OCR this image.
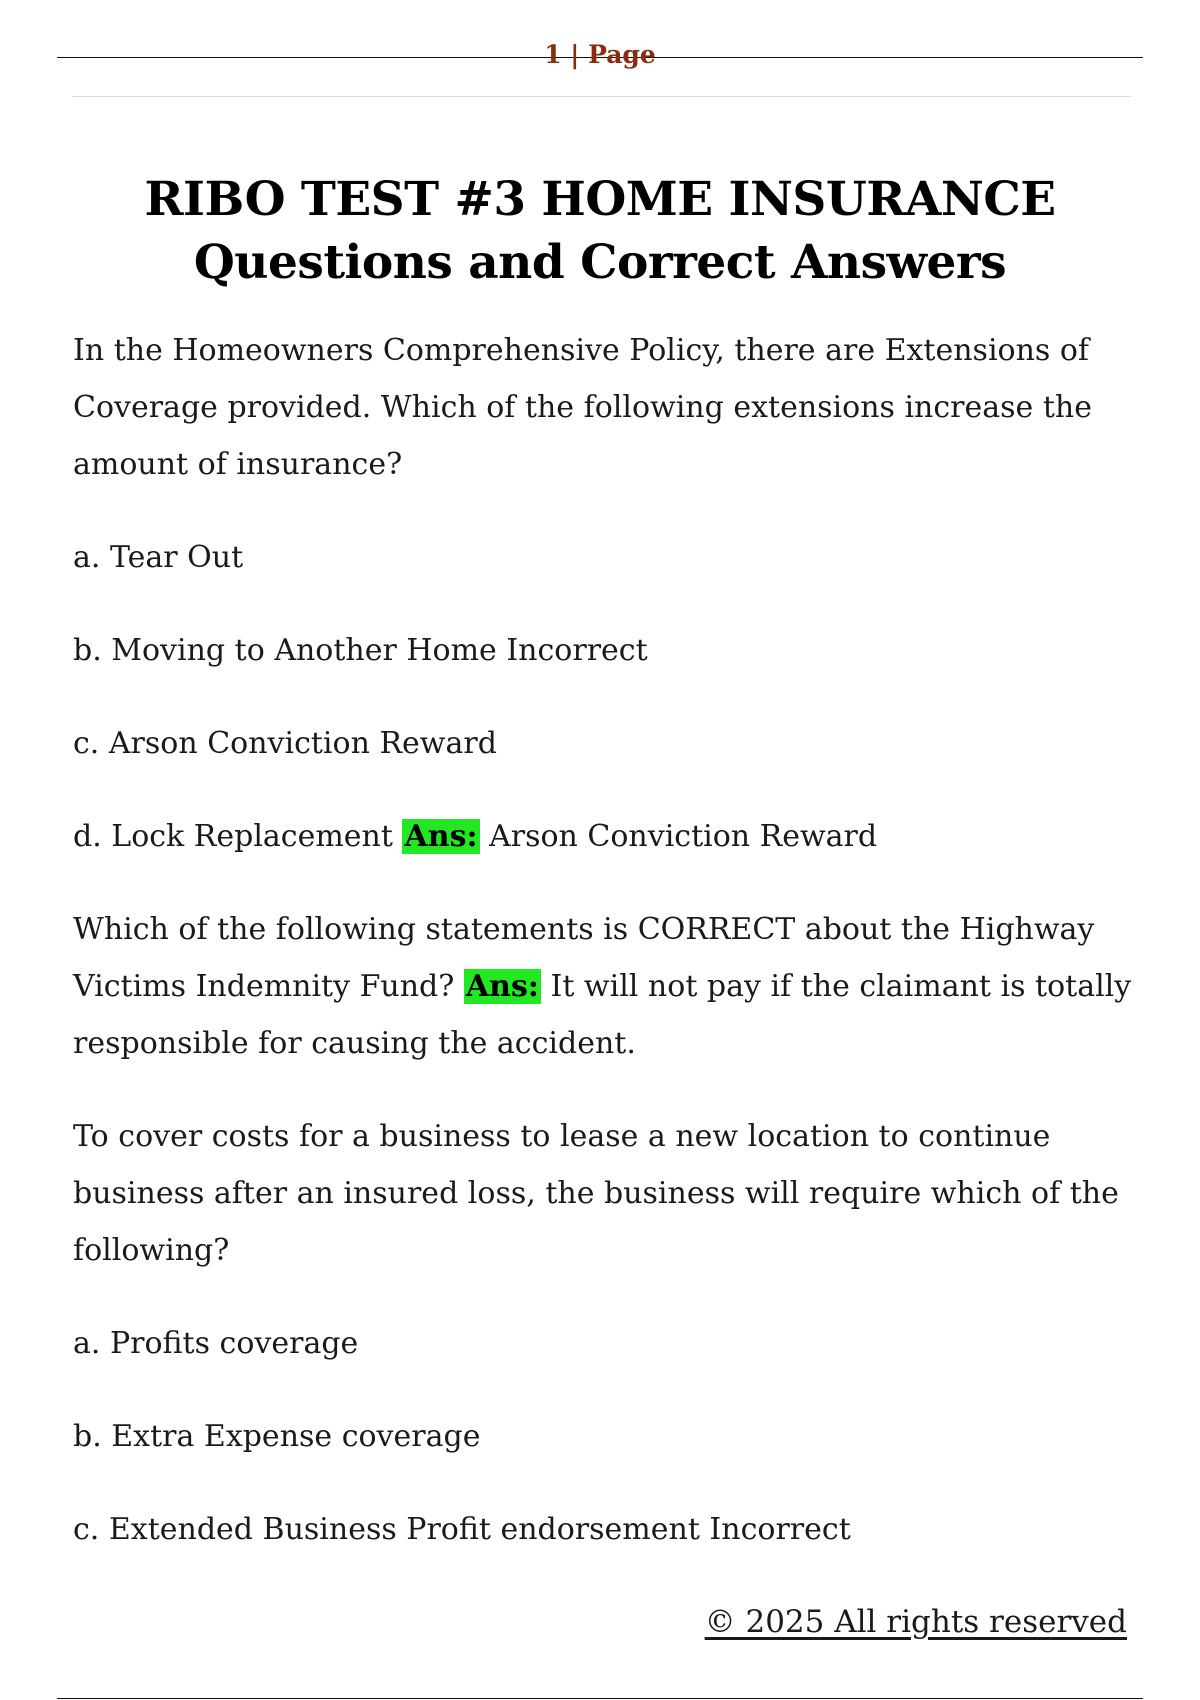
1 | Page
RIBO TEST #3 HOME INSURANCE
Questions and Correct Answers

In the Homeowners Comprehensive Policy, there are Extensions of Coverage provided. Which of the following extensions increase the amount of insurance?

a. Tear Out

b. Moving to Another Home Incorrect

c. Arson Conviction Reward

d. Lock Replacement Ans: Arson Conviction Reward

Which of the following statements is CORRECT about the Highway Victims Indemnity Fund? Ans: It will not pay if the claimant is totally responsible for causing the accident.

To cover costs for a business to lease a new location to continue business after an insured loss, the business will require which of the following?

a. Profits coverage

b. Extra Expense coverage

c. Extended Business Profit endorsement Incorrect

© 2025 All rights reserved
